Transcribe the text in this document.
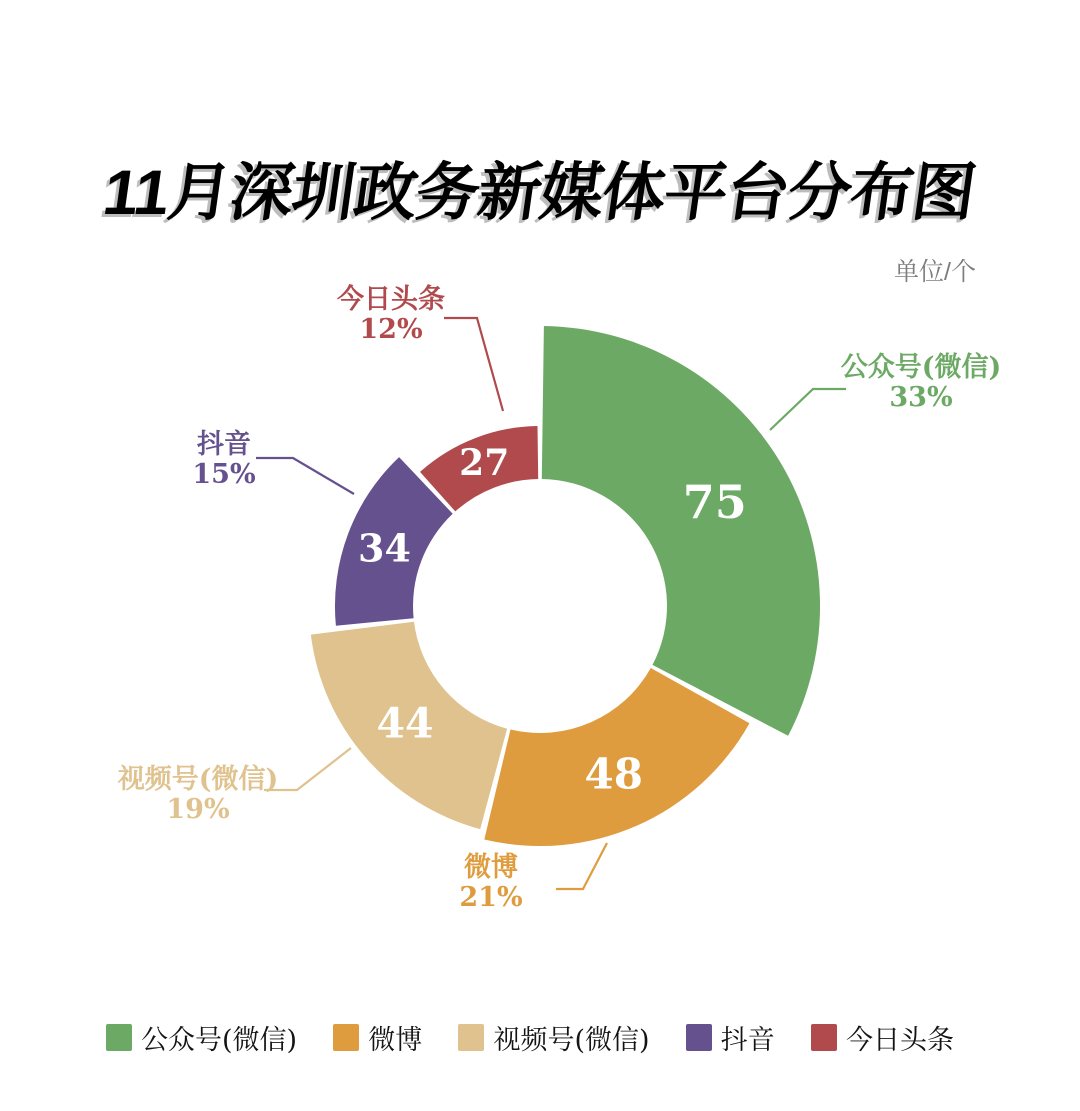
11月深圳政务新媒体平台分布图
单位/个
75
48
44
34
27
公众号(微信)
33%
微博
21%
视频号(微信)
19%
抖音
15%
今日头条
12%
公众号(微信)	微博	视频号(微信)	抖音	今日头条
